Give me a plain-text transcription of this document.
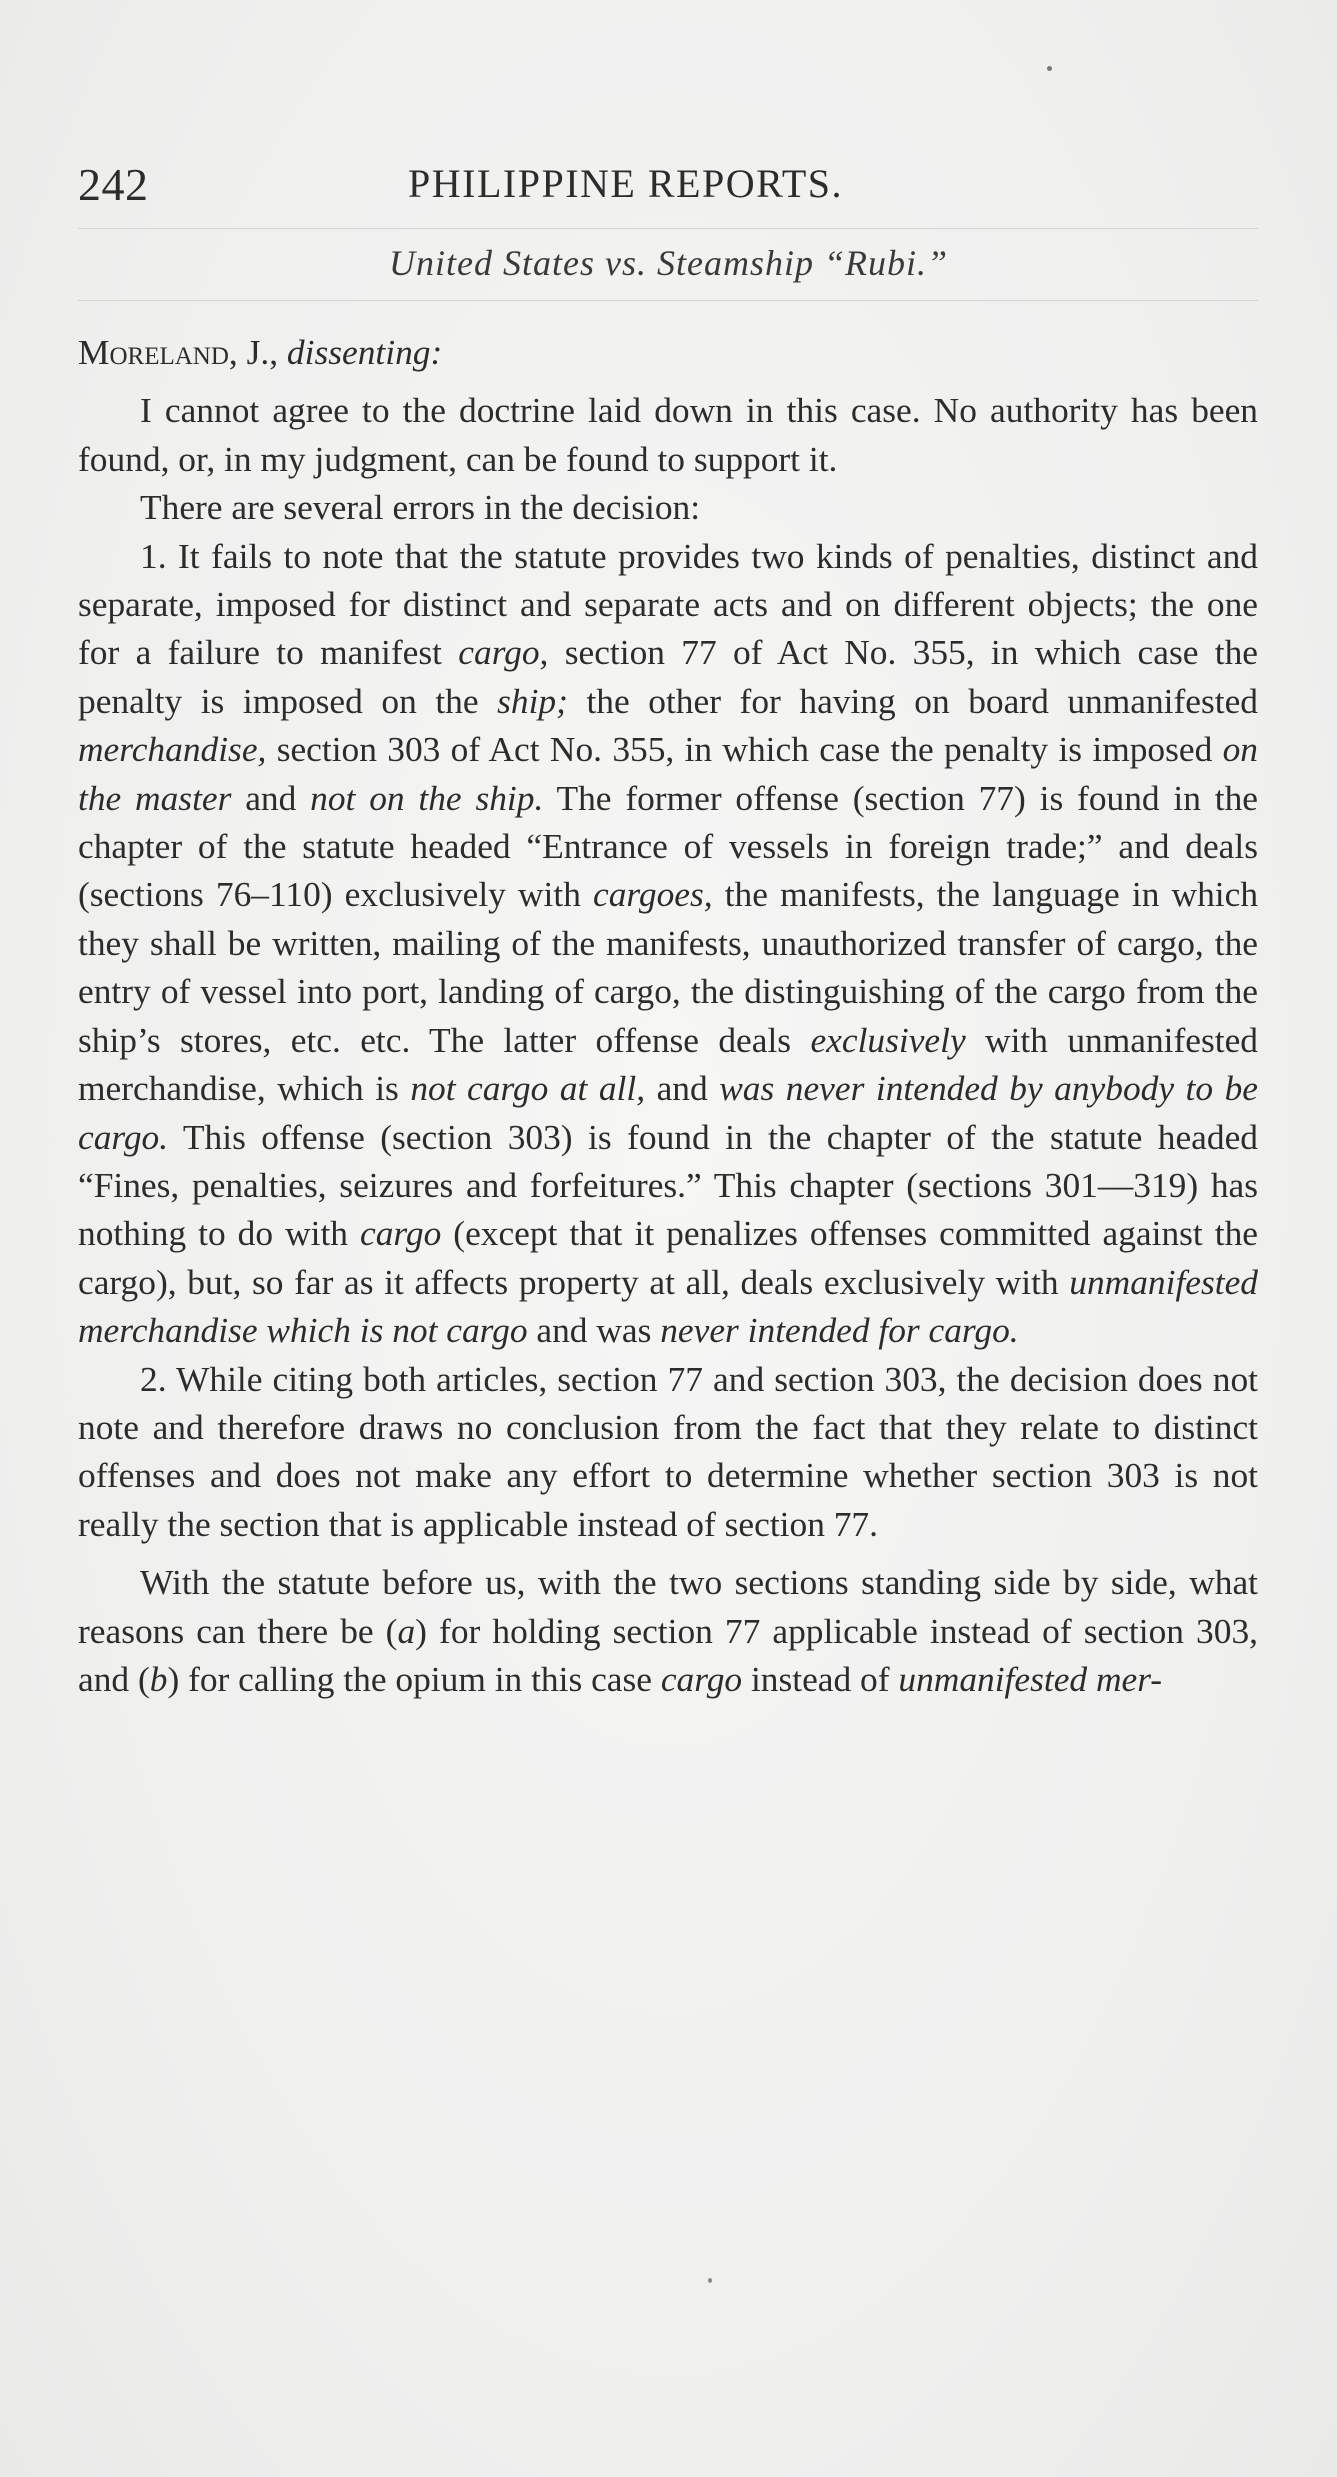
242	PHILIPPINE REPORTS.
United States vs. Steamship “Rubi.”

Moreland, J., dissenting:

I cannot agree to the doctrine laid down in this case. No authority has been found, or, in my judgment, can be found to support it.

There are several errors in the decision:

1. It fails to note that the statute provides two kinds of penalties, distinct and separate, imposed for distinct and separate acts and on different objects; the one for a failure to manifest cargo, section 77 of Act No. 355, in which case the penalty is imposed on the ship; the other for having on board unmanifested merchandise, section 303 of Act No. 355, in which case the penalty is imposed on the master and not on the ship. The former offense (section 77) is found in the chapter of the statute headed “Entrance of vessels in foreign trade;” and deals (sections 76–110) exclusively with cargoes, the manifests, the language in which they shall be written, mailing of the manifests, unauthorized transfer of cargo, the entry of vessel into port, landing of cargo, the distinguishing of the cargo from the ship’s stores, etc. etc. The latter offense deals exclusively with unmanifested merchandise, which is not cargo at all, and was never intended by anybody to be cargo. This offense (section 303) is found in the chapter of the statute headed “Fines, penalties, seizures and forfeitures.” This chapter (sections 301—319) has nothing to do with cargo (except that it penalizes offenses committed against the cargo), but, so far as it affects property at all, deals exclusively with unmanifested merchandise which is not cargo and was never intended for cargo.

2. While citing both articles, section 77 and section 303, the decision does not note and therefore draws no conclusion from the fact that they relate to distinct offenses and does not make any effort to determine whether section 303 is not really the section that is applicable instead of section 77.

With the statute before us, with the two sections standing side by side, what reasons can there be (a) for holding section 77 applicable instead of section 303, and (b) for calling the opium in this case cargo instead of unmanifested mer-
